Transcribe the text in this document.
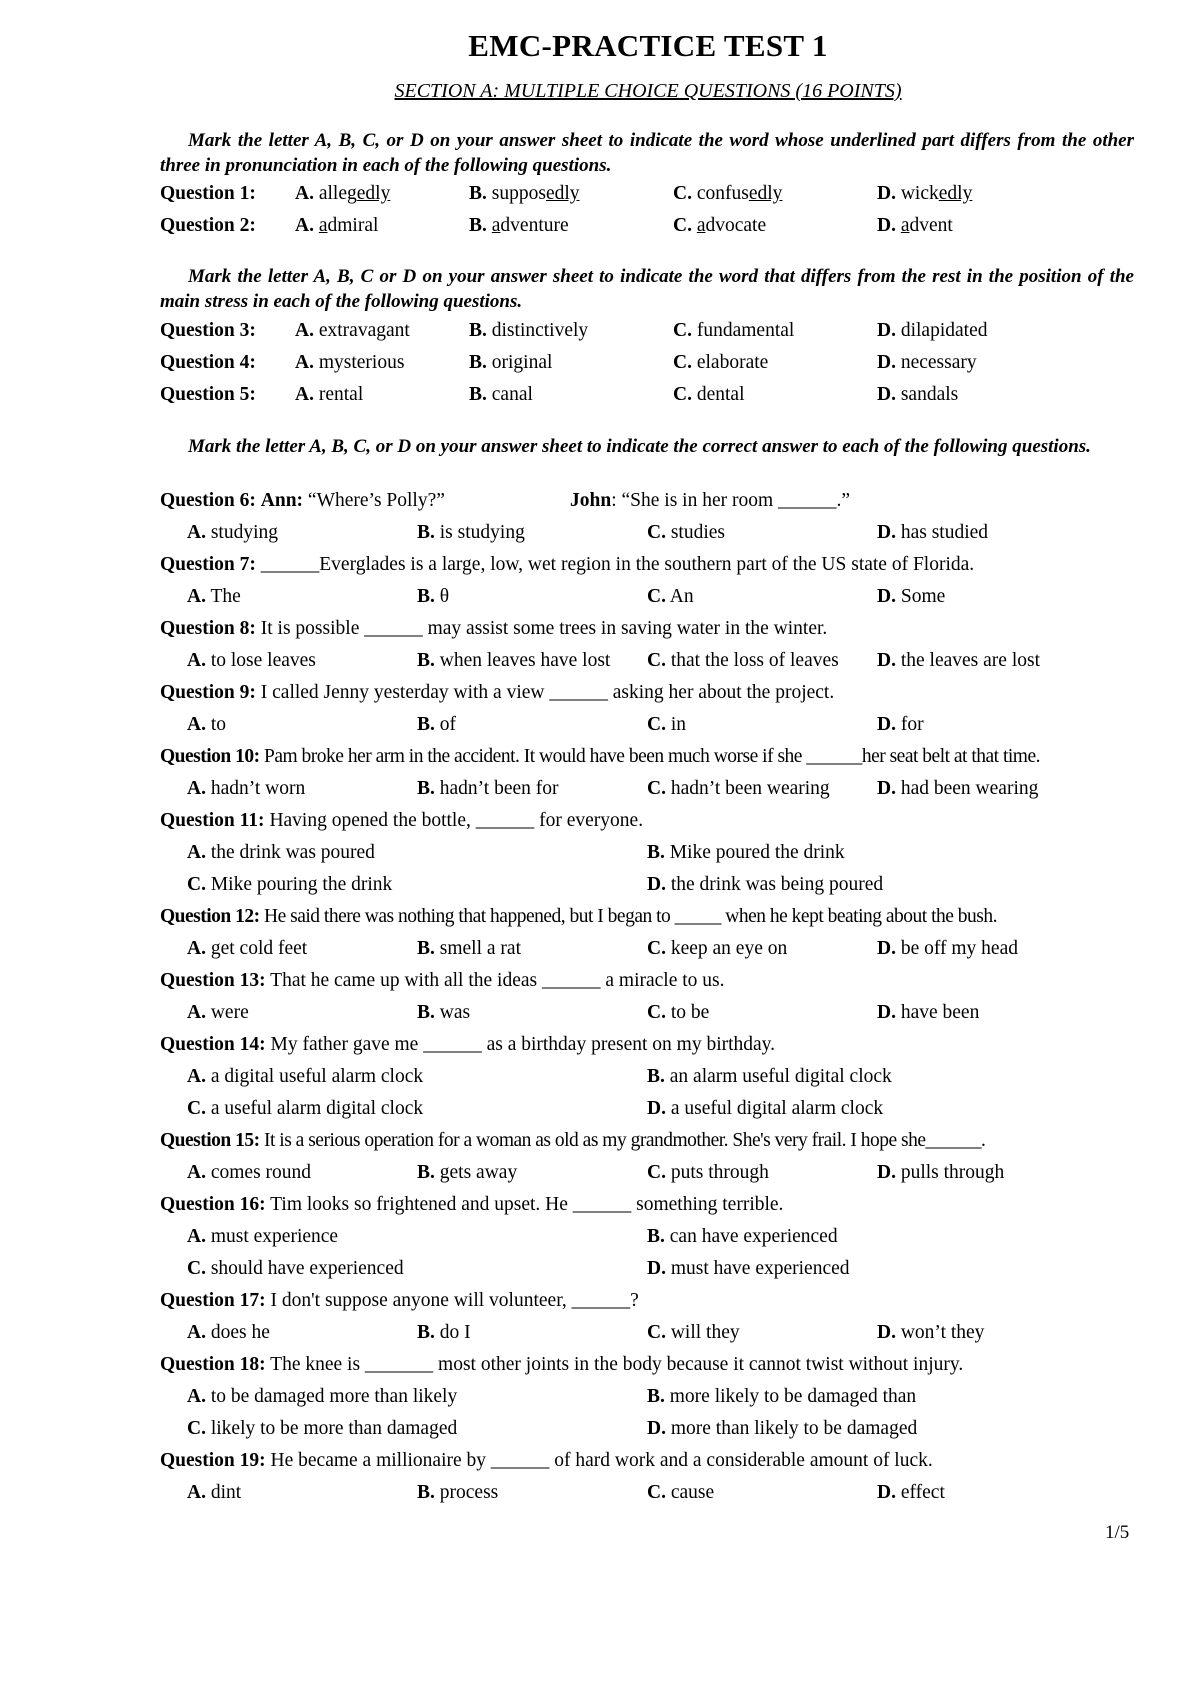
EMC-PRACTICE TEST 1
SECTION A: MULTIPLE CHOICE QUESTIONS (16 POINTS)
Mark the letter A, B, C, or D on your answer sheet to indicate the word whose underlined part differs from the other three in pronunciation in each of the following questions.
Question 1: A. allegedly	B. supposedly	C. confusedly	D. wickedly
Question 2: A. admiral	B. adventure	C. advocate	D. advent
Mark the letter A, B, C or D on your answer sheet to indicate the word that differs from the rest in the position of the main stress in each of the following questions.
Question 3: A. extravagant	B. distinctively	C. fundamental	D. dilapidated
Question 4: A. mysterious	B. original	C. elaborate	D. necessary
Question 5: A. rental	B. canal	C. dental	D. sandals
Mark the letter A, B, C, or D on your answer sheet to indicate the correct answer to each of the following questions.
Question 6: Ann: “Where’s Polly?”	John: “She is in her room ______.”
A. studying	B. is studying	C. studies	D. has studied
Question 7: ______Everglades is a large, low, wet region in the southern part of the US state of Florida.
A. The	B. θ	C. An	D. Some
Question 8: It is possible ______ may assist some trees in saving water in the winter.
A. to lose leaves	B. when leaves have lost C. that the loss of leaves D. the leaves are lost
Question 9: I called Jenny yesterday with a view ______ asking her about the project.
A. to	B. of	C. in	D. for
Question 10: Pam broke her arm in the accident. It would have been much worse if she ______her seat belt at that time.
A. hadn’t worn	B. hadn’t been for	C. hadn’t been wearing D. had been wearing
Question 11: Having opened the bottle, ______ for everyone.
A. the drink was poured	B. Mike poured the drink
C. Mike pouring the drink	D. the drink was being poured
Question 12: He said there was nothing that happened, but I began to _____ when he kept beating about the bush.
A. get cold feet	B. smell a rat	C. keep an eye on	D. be off my head
Question 13: That he came up with all the ideas ______ a miracle to us.
A. were	B. was	C. to be	D. have been
Question 14: My father gave me ______ as a birthday present on my birthday.
A. a digital useful alarm clock	B. an alarm useful digital clock
C. a useful alarm digital clock	D. a useful digital alarm clock
Question 15: It is a serious operation for a woman as old as my grandmother. She's very frail. I hope she______.
A. comes round	B. gets away	C. puts through	D. pulls through
Question 16: Tim looks so frightened and upset. He ______ something terrible.
A. must experience	B. can have experienced
C. should have experienced	D. must have experienced
Question 17: I don't suppose anyone will volunteer, ______?
A. does he	B. do I	C. will they	D. won’t they
Question 18: The knee is _______ most other joints in the body because it cannot twist without injury.
A. to be damaged more than likely	B. more likely to be damaged than
C. likely to be more than damaged	D. more than likely to be damaged
Question 19: He became a millionaire by ______ of hard work and a considerable amount of luck.
A. dint	B. process	C. cause	D. effect
1/5
